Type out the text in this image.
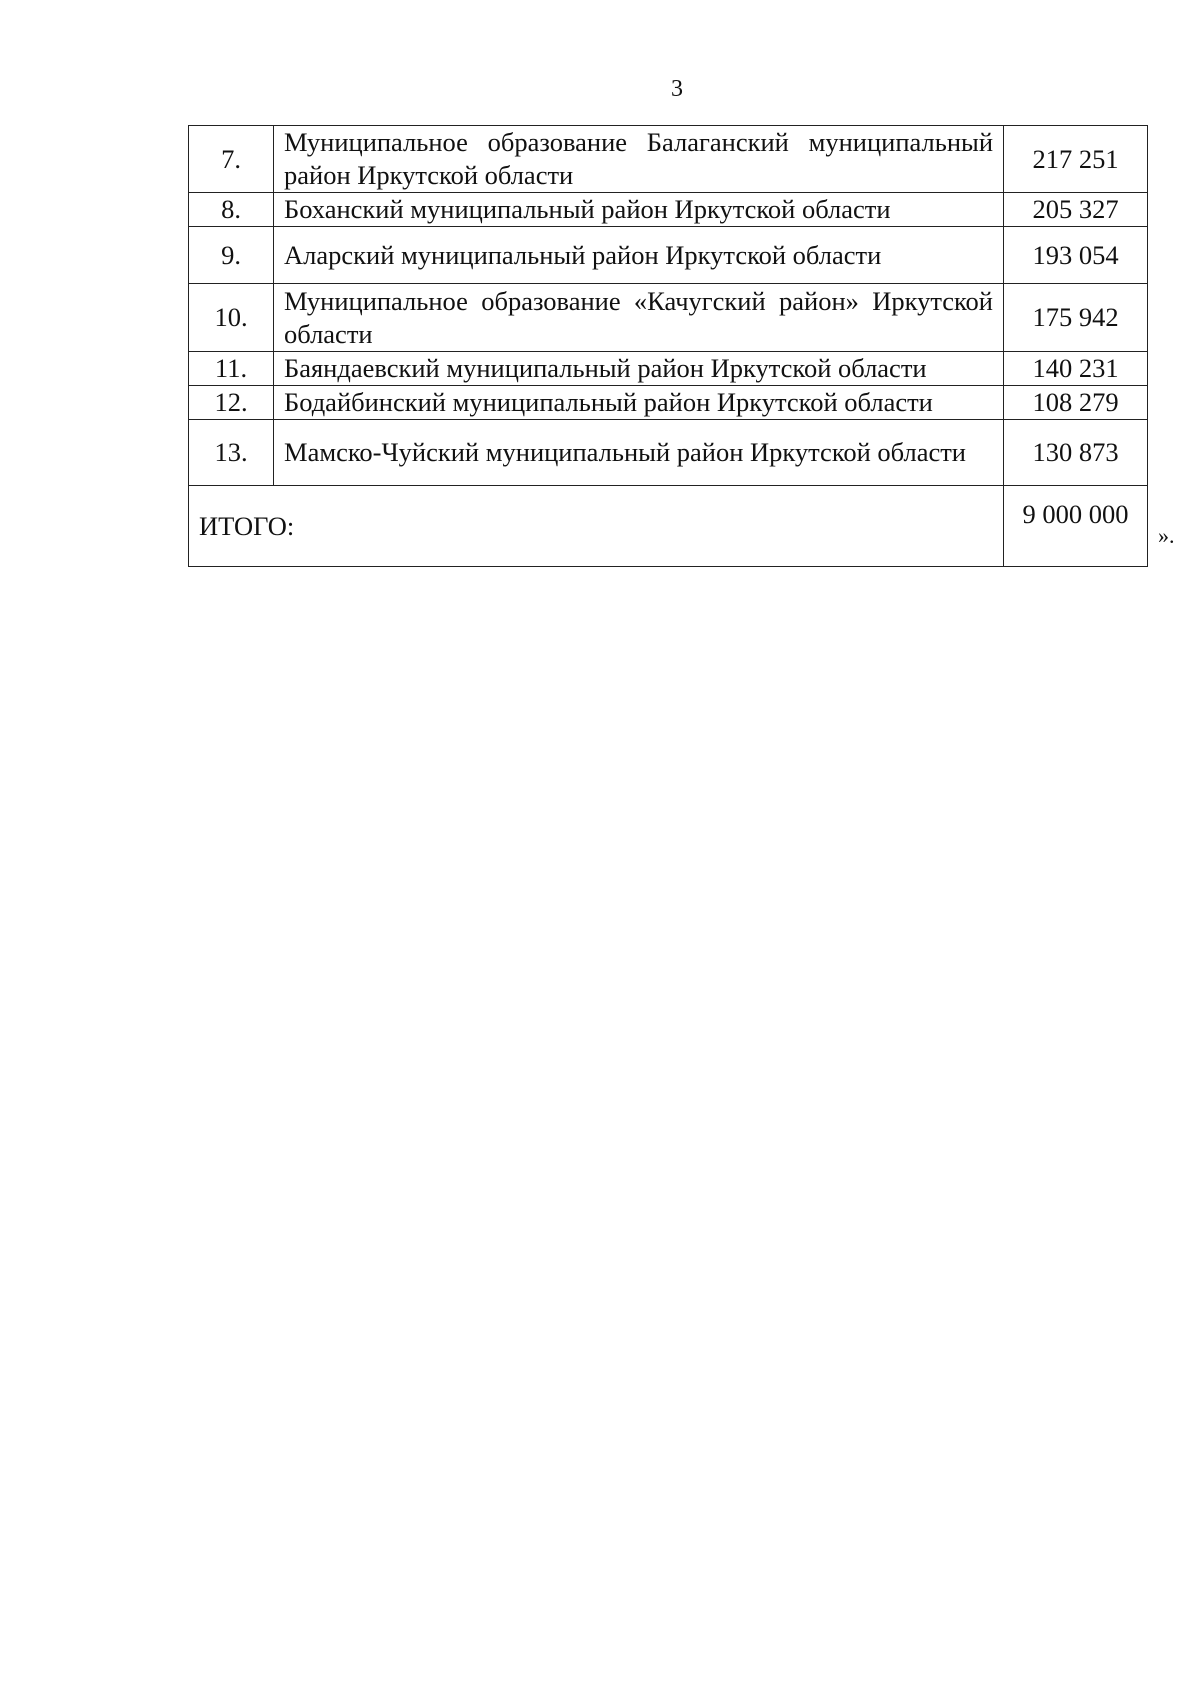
3
7.	Муниципальное образование Балаганский муниципальный район Иркутской области	217 251
8.	Боханский муниципальный район Иркутской области	205 327
9.	Аларский муниципальный район Иркутской области	193 054
10.	Муниципальное образование «Качугский район» Иркутской области	175 942
11.	Баяндаевский муниципальный район Иркутской области	140 231
12.	Бодайбинский муниципальный район Иркутской области	108 279
13.	Мамско-Чуйский муниципальный район Иркутской области	130 873
ИТОГО:		9 000 000
».
